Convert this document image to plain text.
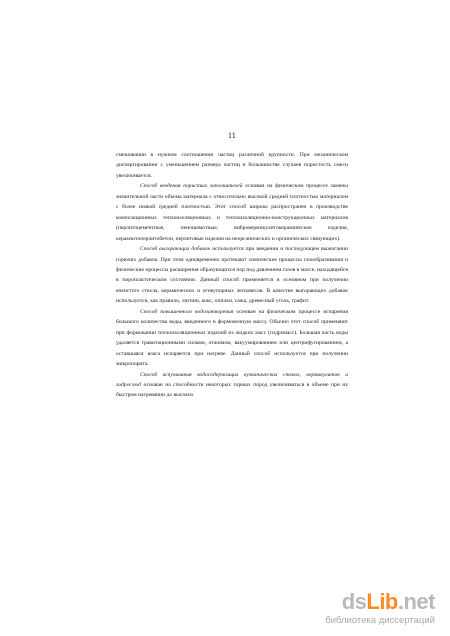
11

смешивании в нужном соотношении частиц различной крупности. При механическом диспергировании с уменьшением размера частиц в большинстве случаев пористость смеси увеличивается.

Способ введения пористых заполнителей основан на физическом процессе замены значительной части объема материала с относительно высокой средней плотностью материалом с более низкой средней плотностью. Этот способ широко распространен в производстве композиционных теплоизоляционных и теплоизоляционно-конструкционных материалов (перлитоцементные, пеношамотные, вибровермикулитокерамические изделия, керамзитоперлитобетон, перлитовые изделия на неорганических и органических связующих).

Способ выгорающих добавок используется при введении и последующем выжигании горючих добавок. При этом одновременно протекают химические процессы газообразования и физические процессы расширения образующихся пор под давлением газов в массе, находящейся в пиропластическом состоянии. Данный способ применяется в основном при получении ячеистого стекла, керамических и огнеупорных легковесов. В качестве выгорающих добавок используется, как правило, лигнин, кокс, опилки, сажа, древесный уголь, графит.

Способ повышенного водозатворения основан на физическом процессе испарения большого количества воды, введенного в формовочную массу. Обычно этот способ применяют при формовании теплоизоляционных изделий из жидких масс (гидромасс). Большая часть воды удаляется гравитационными силами, отжимом, вакуумированием или центрифугированием, а оставшаяся влага испаряется при нагреве. Данный способ используется при получении микропорита.

Способ вспучивания водосодержащих вулканических стекол, вермикулитов и гидрослюд основан на способности некоторых горных пород увеличиваться в объеме при их быстром нагревании до высоких

dsLib.net
библиотека диссертаций
